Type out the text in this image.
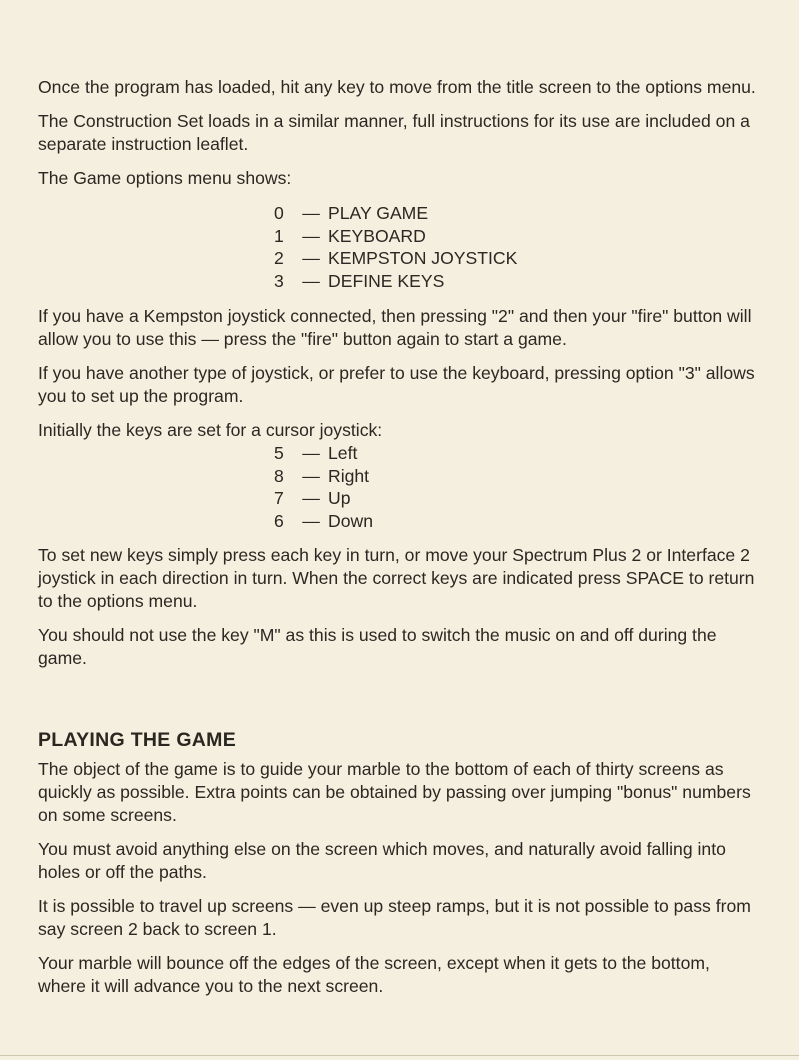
Once the program has loaded, hit any key to move from the title screen to the options menu.

The Construction Set loads in a similar manner, full instructions for its use are included on a separate instruction leaflet.

The Game options menu shows:

0	— PLAY GAME
1	— KEYBOARD
2	— KEMPSTON JOYSTICK
3	— DEFINE KEYS

If you have a Kempston joystick connected, then pressing "2" and then your "fire" button will allow you to use this — press the "fire" button again to start a game.

If you have another type of joystick, or prefer to use the keyboard, pressing option "3" allows you to set up the program.

Initially the keys are set for a cursor joystick:

5	— Left
8	— Right
7	— Up
6	— Down

To set new keys simply press each key in turn, or move your Spectrum Plus 2 or Interface 2 joystick in each direction in turn. When the correct keys are indicated press SPACE to return to the options menu.

You should not use the key "M" as this is used to switch the music on and off during the game.

PLAYING THE GAME

The object of the game is to guide your marble to the bottom of each of thirty screens as quickly as possible. Extra points can be obtained by passing over jumping "bonus" numbers on some screens.

You must avoid anything else on the screen which moves, and naturally avoid falling into holes or off the paths.

It is possible to travel up screens — even up steep ramps, but it is not possible to pass from say screen 2 back to screen 1.

Your marble will bounce off the edges of the screen, except when it gets to the bottom, where it will advance you to the next screen.
